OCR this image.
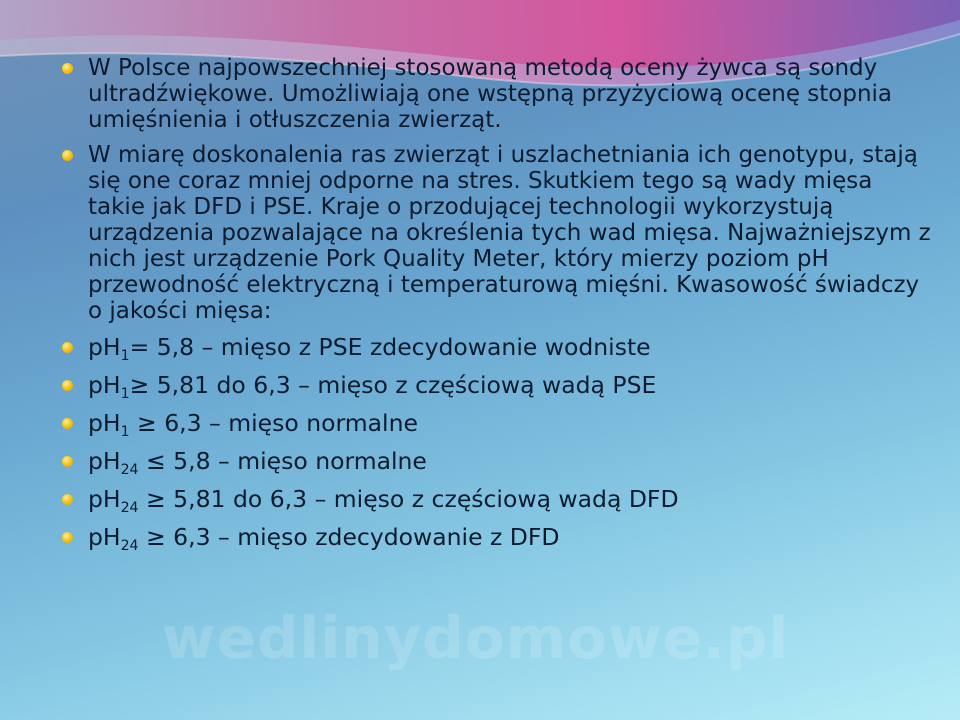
wedlinydomowe.pl
W Polsce najpowszechniej stosowaną metodą oceny żywca są sondy ultradźwiękowe. Umożliwiają one wstępną przyżyciową ocenę stopnia umięśnienia i otłuszczenia zwierząt.
W miarę doskonalenia ras zwierząt i uszlachetniania ich genotypu, stają się one coraz mniej odporne na stres. Skutkiem tego są wady mięsa takie jak DFD i PSE. Kraje o przodującej technologii wykorzystują urządzenia pozwalające na określenia tych wad mięsa. Najważniejszym z nich jest urządzenie Pork Quality Meter, który mierzy poziom pH przewodność elektryczną i temperaturową mięśni. Kwasowość świadczy o jakości mięsa:
$pH_1= 5,8$ – mięso z PSE zdecydowanie wodniste
$pH_1\ge 5,81$ do 6,3 – mięso z częściową wadą PSE
$pH_1 \ge 6,3$ – mięso normalne
$pH_{24} \le 5,8$ – mięso normalne
$pH_{24} \ge 5,81$ do 6,3 – mięso z częściową wadą DFD
$pH_{24} \ge 6,3$ – mięso zdecydowanie z DFD
